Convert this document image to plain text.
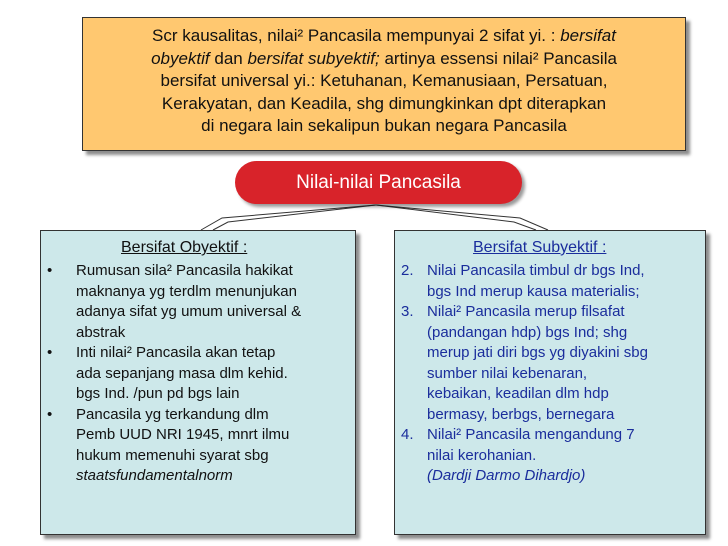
Scr kausalitas, nilai² Pancasila mempunyai 2 sifat yi. : bersifat
obyektif dan bersifat subyektif; artinya essensi nilai² Pancasila
bersifat universal yi.: Ketuhanan, Kemanusiaan, Persatuan,
Kerakyatan, dan Keadila, shg dimungkinkan dpt diterapkan
di negara lain sekalipun bukan negara Pancasila
Nilai-nilai Pancasila
Bersifat Obyektif :
• Rumusan sila² Pancasila hakikat
maknanya yg terdlm menunjukan
adanya sifat yg umum universal &
abstrak
• Inti nilai² Pancasila akan tetap
ada sepanjang masa dlm kehid.
bgs Ind. /pun pd bgs lain
• Pancasila yg terkandung dlm
Pemb UUD NRI 1945, mnrt ilmu
hukum memenuhi syarat sbg
staatsfundamentalnorm
Bersifat Subyektif :
2. Nilai Pancasila timbul dr bgs Ind,
bgs Ind merup kausa materialis;
3. Nilai² Pancasila merup filsafat
(pandangan hdp) bgs Ind; shg
merup jati diri bgs yg diyakini sbg
sumber nilai kebenaran,
kebaikan, keadilan dlm hdp
bermasy, berbgs, bernegara
4. Nilai² Pancasila mengandung 7
nilai kerohanian.
(Dardji Darmo Dihardjo)
